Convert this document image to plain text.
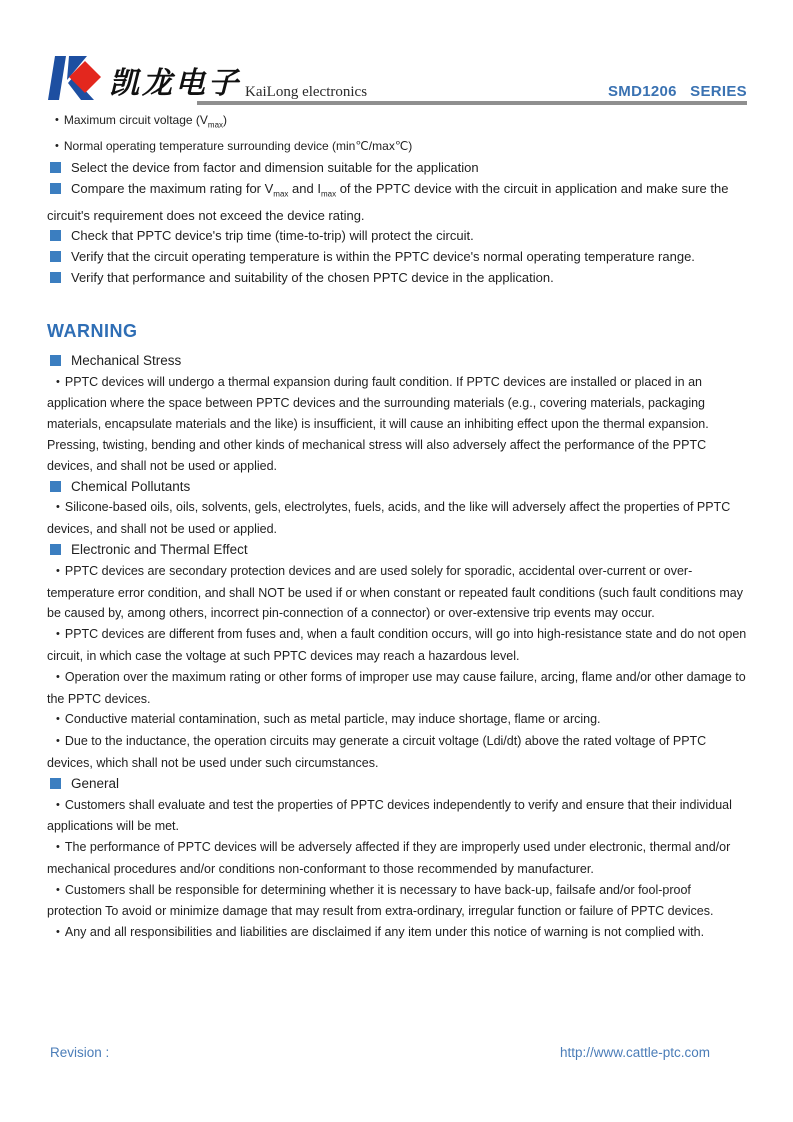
凯龙电子 KaiLong electronics	SMD1206   SERIES
• Maximum circuit voltage $(V_{max})$
• Normal operating temperature surrounding device (min℃/max℃)
Select the device from factor and dimension suitable for the application
Compare the maximum rating for $V_{max}$ and $I_{max}$ of the PPTC device with the circuit in application and make sure the circuit's requirement does not exceed the device rating.
Check that PPTC device's trip time (time-to-trip) will protect the circuit.
Verify that the circuit operating temperature is within the PPTC device's normal operating temperature range.
Verify that performance and suitability of the chosen PPTC device in the application.
WARNING
Mechanical Stress
• PPTC devices will undergo a thermal expansion during fault condition. If PPTC devices are installed or placed in an application where the space between PPTC devices and the surrounding materials (e.g., covering materials, packaging materials, encapsulate materials and the like) is insufficient, it will cause an inhibiting effect upon the thermal expansion. Pressing, twisting, bending and other kinds of mechanical stress will also adversely affect the performance of the PPTC devices, and shall not be used or applied.
Chemical Pollutants
• Silicone-based oils, oils, solvents, gels, electrolytes, fuels, acids, and the like will adversely affect the properties of PPTC devices, and shall not be used or applied.
Electronic and Thermal Effect
• PPTC devices are secondary protection devices and are used solely for sporadic, accidental over-current or over-temperature error condition, and shall NOT be used if or when constant or repeated fault conditions (such fault conditions may be caused by, among others, incorrect pin-connection of a connector) or over-extensive trip events may occur.
• PPTC devices are different from fuses and, when a fault condition occurs, will go into high-resistance state and do not open circuit, in which case the voltage at such PPTC devices may reach a hazardous level.
• Operation over the maximum rating or other forms of improper use may cause failure, arcing, flame and/or other damage to the PPTC devices.
• Conductive material contamination, such as metal particle, may induce shortage, flame or arcing.
• Due to the inductance, the operation circuits may generate a circuit voltage (Ldi/dt) above the rated voltage of PPTC devices, which shall not be used under such circumstances.
General
• Customers shall evaluate and test the properties of PPTC devices independently to verify and ensure that their individual applications will be met.
• The performance of PPTC devices will be adversely affected if they are improperly used under electronic, thermal and/or mechanical procedures and/or conditions non-conformant to those recommended by manufacturer.
• Customers shall be responsible for determining whether it is necessary to have back-up, failsafe and/or fool-proof protection To avoid or minimize damage that may result from extra-ordinary, irregular function or failure of PPTC devices.
• Any and all responsibilities and liabilities are disclaimed if any item under this notice of warning is not complied with.
Revision :	http://www.cattle-ptc.com
